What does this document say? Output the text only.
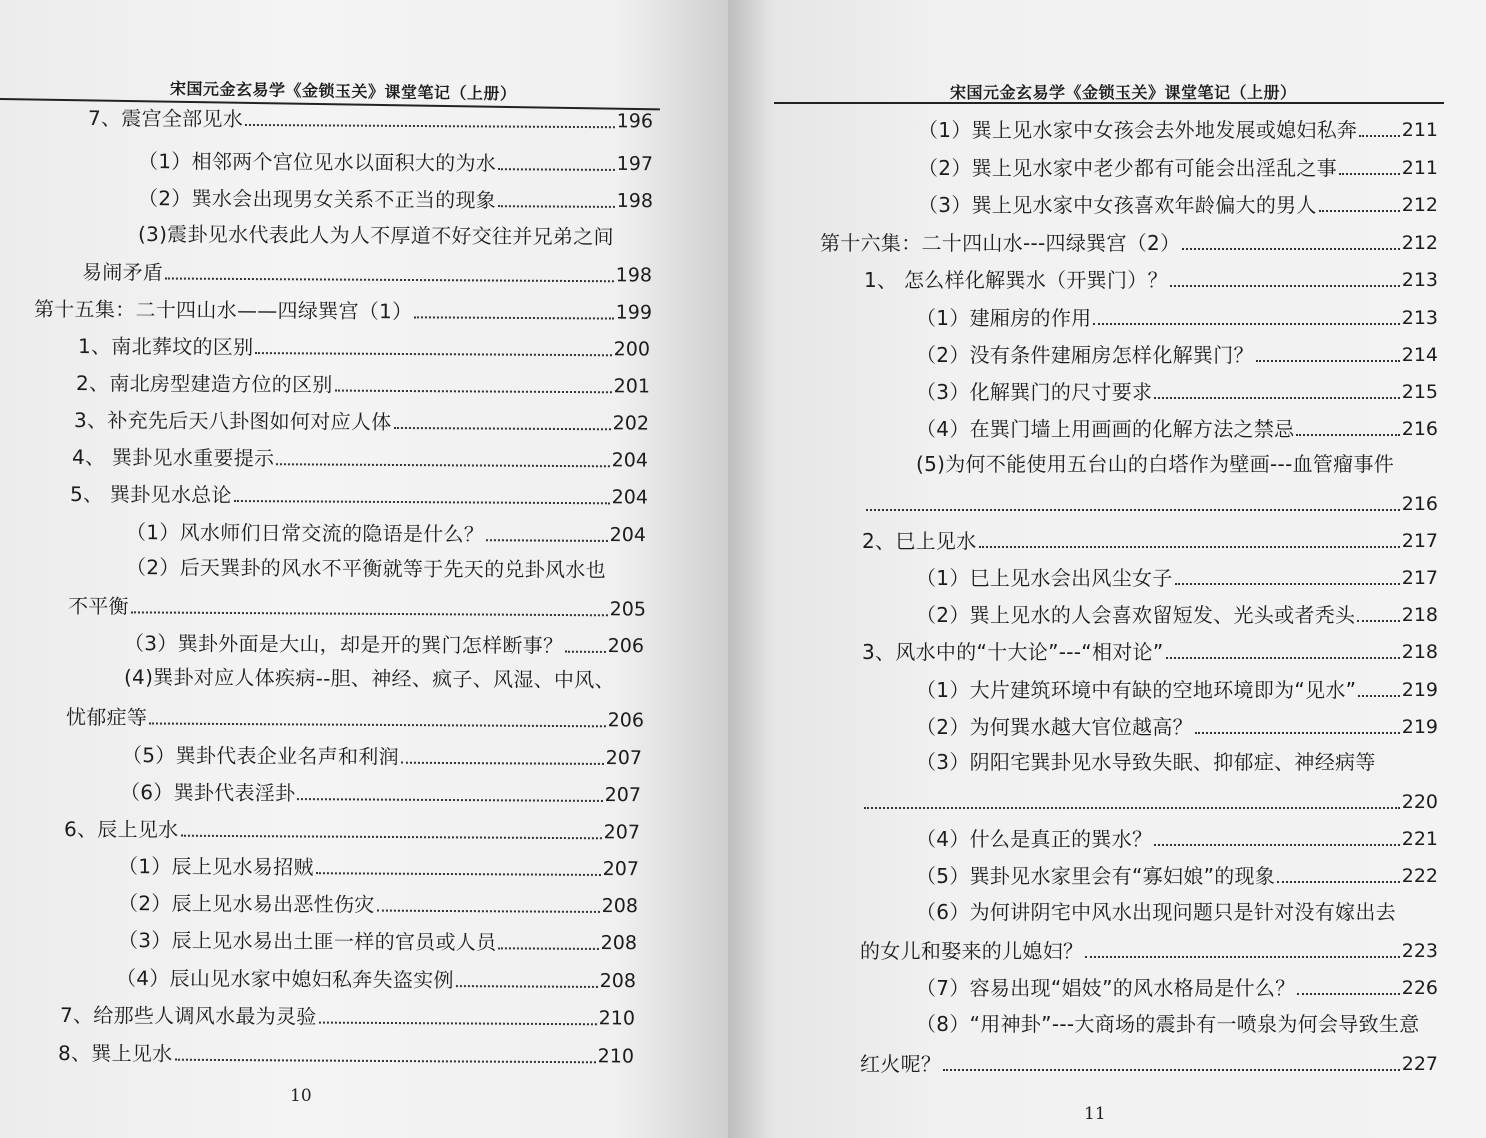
宋国元金玄易学《金锁玉关》课堂笔记（上册）
7、震宫全部见水	196
（1）相邻两个宫位见水以面积大的为水	197
（2）巽水会出现男女关系不正当的现象	198
(3)震卦见水代表此人为人不厚道不好交往并兄弟之间
易闹矛盾	198
第十五集：二十四山水——四绿巽宫（1）	199
1、南北葬坟的区别	200
2、南北房型建造方位的区别	201
3、补充先后天八卦图如何对应人体	202
4、 巽卦见水重要提示	204
5、 巽卦见水总论	204
（1）风水师们日常交流的隐语是什么？	204
（2）后天巽卦的风水不平衡就等于先天的兑卦风水也
不平衡	205
（3）巽卦外面是大山，却是开的巽门怎样断事？ 206
(4)巽卦对应人体疾病--胆、神经、疯子、风湿、中风、
忧郁症等	206
（5）巽卦代表企业名声和利润	207
（6）巽卦代表淫卦	207
6、辰上见水	207
（1）辰上见水易招贼	207
（2）辰上见水易出恶性伤灾	208
（3）辰上见水易出土匪一样的官员或人员	208
（4）辰山见水家中媳妇私奔失盗实例	208
7、给那些人调风水最为灵验	210
8、巽上见水	210
10
宋国元金玄易学《金锁玉关》课堂笔记（上册）
（1）巽上见水家中女孩会去外地发展或媳妇私奔 211
（2）巽上见水家中老少都有可能会出淫乱之事	211
（3）巽上见水家中女孩喜欢年龄偏大的男人	212
第十六集：二十四山水---四绿巽宫（2）	212
1、 怎么样化解巽水（开巽门）？	213
（1）建厢房的作用	213
（2）没有条件建厢房怎样化解巽门？	214
（3）化解巽门的尺寸要求	215
（4）在巽门墙上用画画的化解方法之禁忌	216
(5)为何不能使用五台山的白塔作为壁画---血管瘤事件
216
2、巳上见水	217
（1）巳上见水会出风尘女子	217
（2）巽上见水的人会喜欢留短发、光头或者秃头 218
3、风水中的“十大论”---“相对论”	218
（1）大片建筑环境中有缺的空地环境即为“见水” 219
（2）为何巽水越大官位越高？	219
（3）阴阳宅巽卦见水导致失眠、抑郁症、神经病等
220
（4）什么是真正的巽水？	221
（5）巽卦见水家里会有“寡妇娘”的现象	222
（6）为何讲阴宅中风水出现问题只是针对没有嫁出去
的女儿和娶来的儿媳妇？	223
（7）容易出现“娼妓”的风水格局是什么？	226
（8）“用神卦”---大商场的震卦有一喷泉为何会导致生意
红火呢？	227
11
